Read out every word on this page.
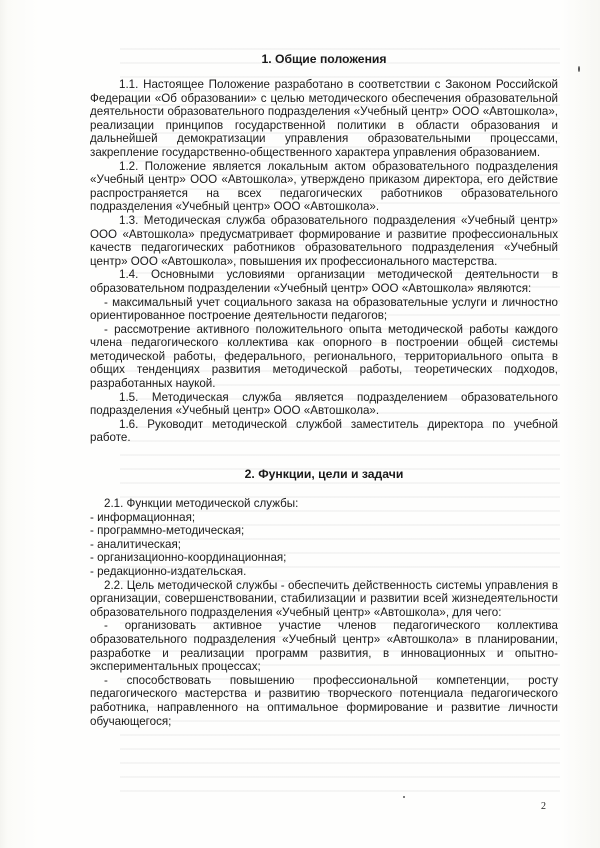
1. Общие положения

1.1. Настоящее Положение разработано в соответствии с Законом Российской Федерации «Об образовании» с целью методического обеспечения образовательной деятельности образовательного подразделения «Учебный центр» ООО «Автошкола», реализации принципов государственной политики в области образования и дальнейшей демократизации управления образовательными процессами, закрепление государственно-общественного характера управления образованием.

1.2. Положение является локальным актом образовательного подразделения «Учебный центр» ООО «Автошкола», утверждено приказом директора, его действие распространяется на всех педагогических работников образовательного подразделения «Учебный центр» ООО «Автошкола».

1.3. Методическая служба образовательного подразделения «Учебный центр» ООО «Автошкола» предусматривает формирование и развитие профессиональных качеств педагогических работников образовательного подразделения «Учебный центр» ООО «Автошкола», повышения их профессионального мастерства.

1.4. Основными условиями организации методической деятельности в образовательном подразделении «Учебный центр» ООО «Автошкола» являются:

- максимальный учет социального заказа на образовательные услуги и личностно ориентированное построение деятельности педагогов;

- рассмотрение активного положительного опыта методической работы каждого члена педагогического коллектива как опорного в построении общей системы методической работы, федерального, регионального, территориального опыта в общих тенденциях развития методической работы, теоретических подходов, разработанных наукой.

1.5. Методическая служба является подразделением образовательного подразделения «Учебный центр» ООО «Автошкола».

1.6. Руководит методической службой заместитель директора по учебной работе.

2. Функции, цели и задачи

2.1. Функции методической службы:

- информационная;

- программно-методическая;

- аналитическая;

- организационно-координационная;

- редакционно-издательская.

2.2. Цель методической службы - обеспечить действенность системы управления в организации, совершенствовании, стабилизации и развитии всей жизнедеятельности образовательного подразделения «Учебный центр» «Автошкола», для чего:

- организовать активное участие членов педагогического коллектива образовательного подразделения «Учебный центр» «Автошкола» в планировании, разработке и реализации программ развития, в инновационных и опытно-экспериментальных процессах;

- способствовать повышению профессиональной компетенции, росту педагогического мастерства и развитию творческого потенциала педагогического работника, направленного на оптимальное формирование и развитие личности обучающегося;

2
